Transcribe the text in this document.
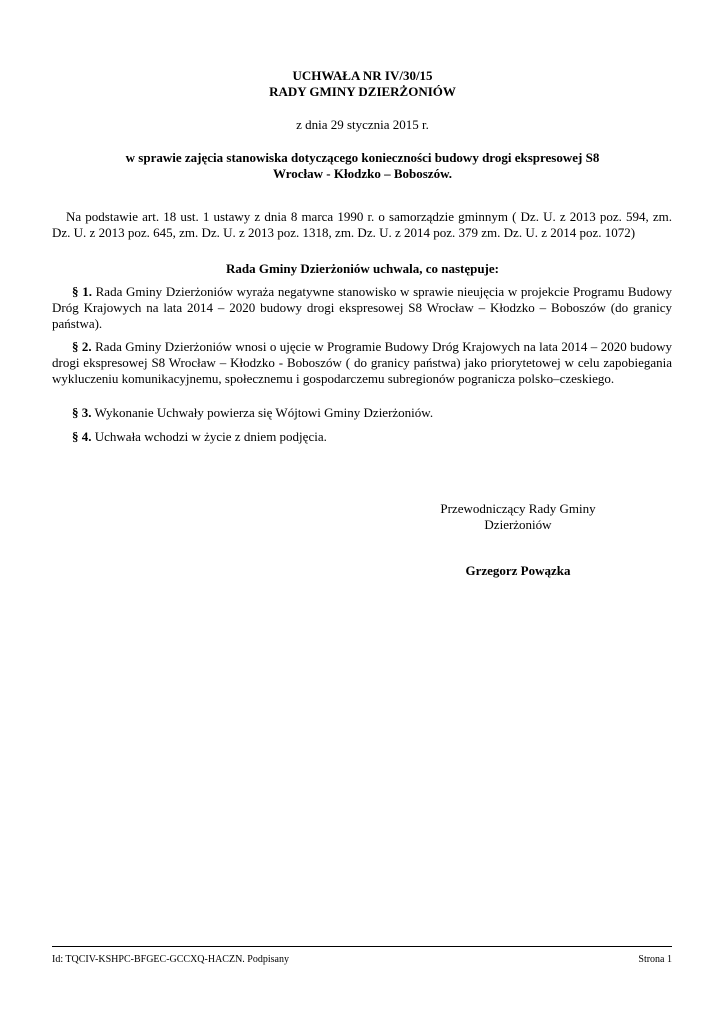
UCHWAŁA NR IV/30/15
RADY GMINY DZIERŻONIÓW
z dnia 29 stycznia 2015 r.
w sprawie zajęcia stanowiska dotyczącego konieczności budowy drogi ekspresowej S8
Wrocław - Kłodzko – Boboszów.
Na podstawie art. 18 ust. 1 ustawy z dnia 8 marca 1990 r. o samorządzie gminnym ( Dz. U. z 2013 poz. 594, zm. Dz. U. z 2013 poz. 645, zm. Dz. U. z 2013 poz. 1318, zm. Dz. U. z 2014 poz. 379 zm. Dz. U. z 2014 poz. 1072)
Rada Gminy Dzierżoniów uchwala, co następuje:
§ 1. Rada Gminy Dzierżoniów wyraża negatywne stanowisko w sprawie nieujęcia w projekcie Programu Budowy Dróg Krajowych na lata 2014 – 2020 budowy drogi ekspresowej S8 Wrocław – Kłodzko – Boboszów (do granicy państwa).
§ 2. Rada Gminy Dzierżoniów wnosi o ujęcie w Programie Budowy Dróg Krajowych na lata 2014 – 2020 budowy drogi ekspresowej S8 Wrocław – Kłodzko - Boboszów ( do granicy państwa) jako priorytetowej w celu zapobiegania wykluczeniu komunikacyjnemu, społecznemu i gospodarczemu subregionów pogranicza polsko–czeskiego.
§ 3. Wykonanie Uchwały powierza się Wójtowi Gminy Dzierżoniów.
§ 4. Uchwała wchodzi w życie z dniem podjęcia.
Przewodniczący Rady Gminy
Dzierżoniów
Grzegorz Powązka
Id: TQCIV-KSHPC-BFGEC-GCCXQ-HACZN. Podpisany	Strona 1
